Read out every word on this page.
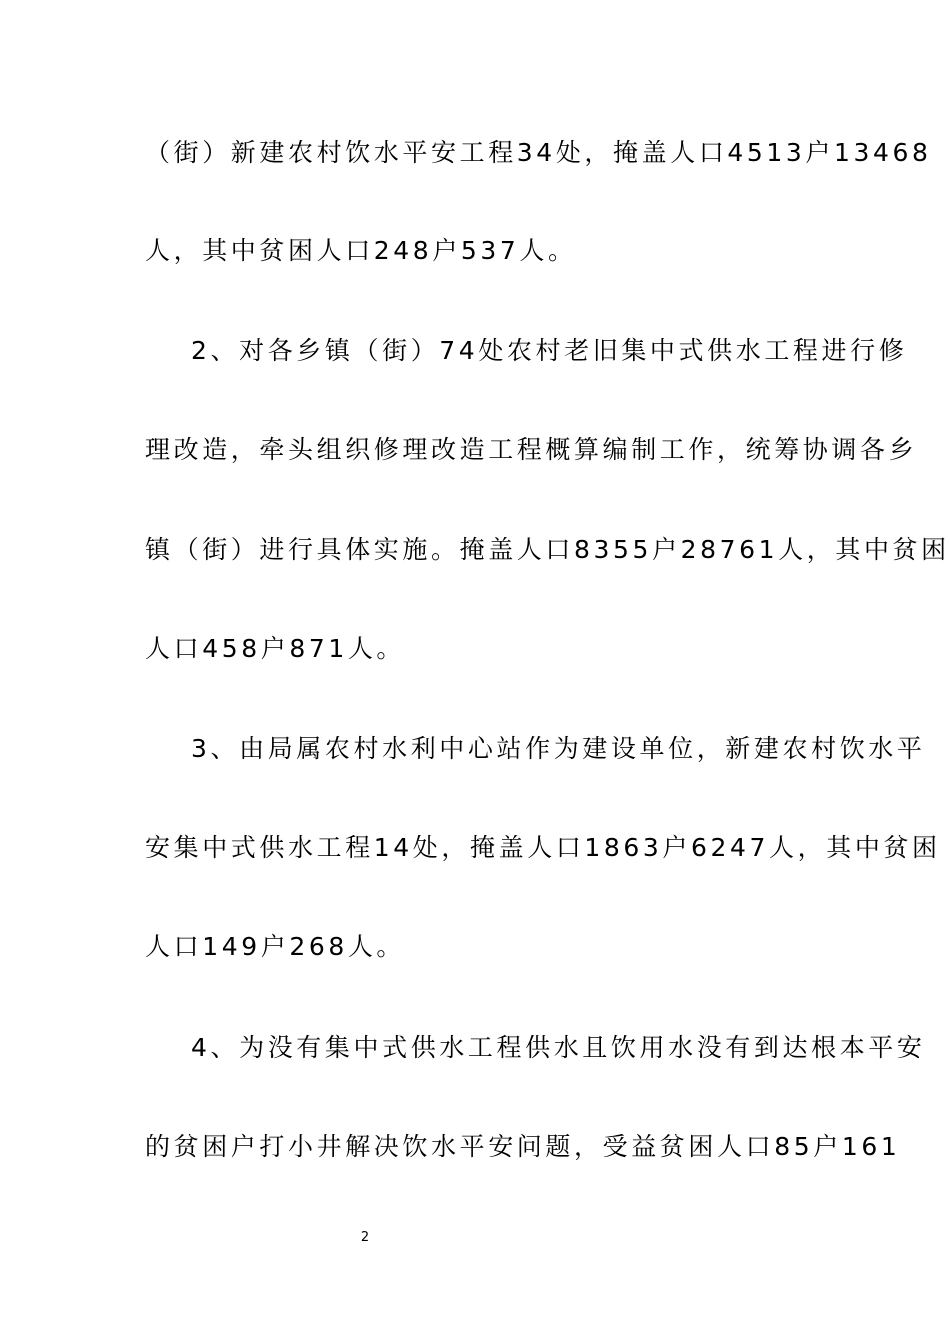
（街）新建农村饮水平安工程34处，掩盖人口4513户13468
人，其中贫困人口248户537人。
2、对各乡镇（街）74处农村老旧集中式供水工程进行修
理改造，牵头组织修理改造工程概算编制工作，统筹协调各乡
镇（街）进行具体实施。掩盖人口8355户28761人，其中贫困
人口458户871人。
3、由局属农村水利中心站作为建设单位，新建农村饮水平
安集中式供水工程14处，掩盖人口1863户6247人，其中贫困
人口149户268人。
4、为没有集中式供水工程供水且饮用水没有到达根本平安
的贫困户打小井解决饮水平安问题，受益贫困人口85户161
2
